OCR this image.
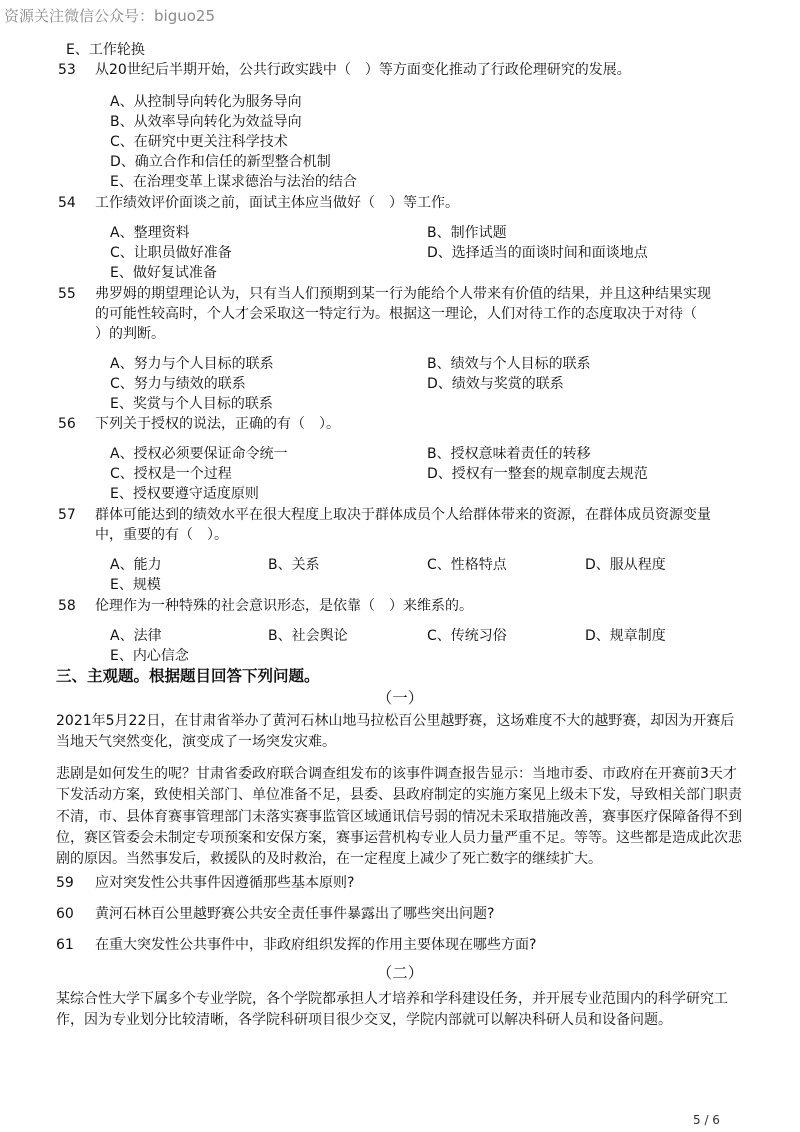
资源关注微信公众号：biguo25
E、工作轮换
53 从20世纪后半期开始，公共行政实践中（　）等方面变化推动了行政伦理研究的发展。
A、从控制导向转化为服务导向
B、从效率导向转化为效益导向
C、在研究中更关注科学技术
D、确立合作和信任的新型整合机制
E、在治理变革上谋求德治与法治的结合
54 工作绩效评价面谈之前，面试主体应当做好（　）等工作。
A、整理资料	B、制作试题
C、让职员做好准备	D、选择适当的面谈时间和面谈地点
E、做好复试准备
55 弗罗姆的期望理论认为，只有当人们预期到某一行为能给个人带来有价值的结果，并且这种结果实现
的可能性较高时，个人才会采取这一特定行为。根据这一理论，人们对待工作的态度取决于对待（
）的判断。
A、努力与个人目标的联系	B、绩效与个人目标的联系
C、努力与绩效的联系	D、绩效与奖赏的联系
E、奖赏与个人目标的联系
56 下列关于授权的说法，正确的有（　）。
A、授权必须要保证命令统一	B、授权意味着责任的转移
C、授权是一个过程	D、授权有一整套的规章制度去规范
E、授权要遵守适度原则
57 群体可能达到的绩效水平在很大程度上取决于群体成员个人给群体带来的资源，在群体成员资源变量
中，重要的有（　）。
A、能力	B、关系	C、性格特点	D、服从程度
E、规模
58 伦理作为一种特殊的社会意识形态，是依靠（　）来维系的。
A、法律	B、社会舆论	C、传统习俗	D、规章制度
E、内心信念
三、主观题。根据题目回答下列问题。
（一）
2021年5月22日，在甘肃省举办了黄河石林山地马拉松百公里越野赛，这场难度不大的越野赛，却因为开赛后当地天气突然变化，演变成了一场突发灾难。
悲剧是如何发生的呢？甘肃省委政府联合调查组发布的该事件调查报告显示：当地市委、市政府在开赛前3天才下发活动方案，致使相关部门、单位准备不足，县委、县政府制定的实施方案见上级未下发，导致相关部门职责不清，市、县体育赛事管理部门未落实赛事监管区域通讯信号弱的情况未采取措施改善，赛事医疗保障备得不到位，赛区管委会未制定专项预案和安保方案，赛事运营机构专业人员力量严重不足。等等。这些都是造成此次悲剧的原因。当然事发后，救援队的及时救治，在一定程度上减少了死亡数字的继续扩大。
59 应对突发性公共事件因遵循那些基本原则?
60 黄河石林百公里越野赛公共安全责任事件暴露出了哪些突出问题?
61 在重大突发性公共事件中，非政府组织发挥的作用主要体现在哪些方面?
（二）
某综合性大学下属多个专业学院，各个学院都承担人才培养和学科建设任务，并开展专业范围内的科学研究工作，因为专业划分比较清晰，各学院科研项目很少交叉，学院内部就可以解决科研人员和设备问题。
5 / 6
